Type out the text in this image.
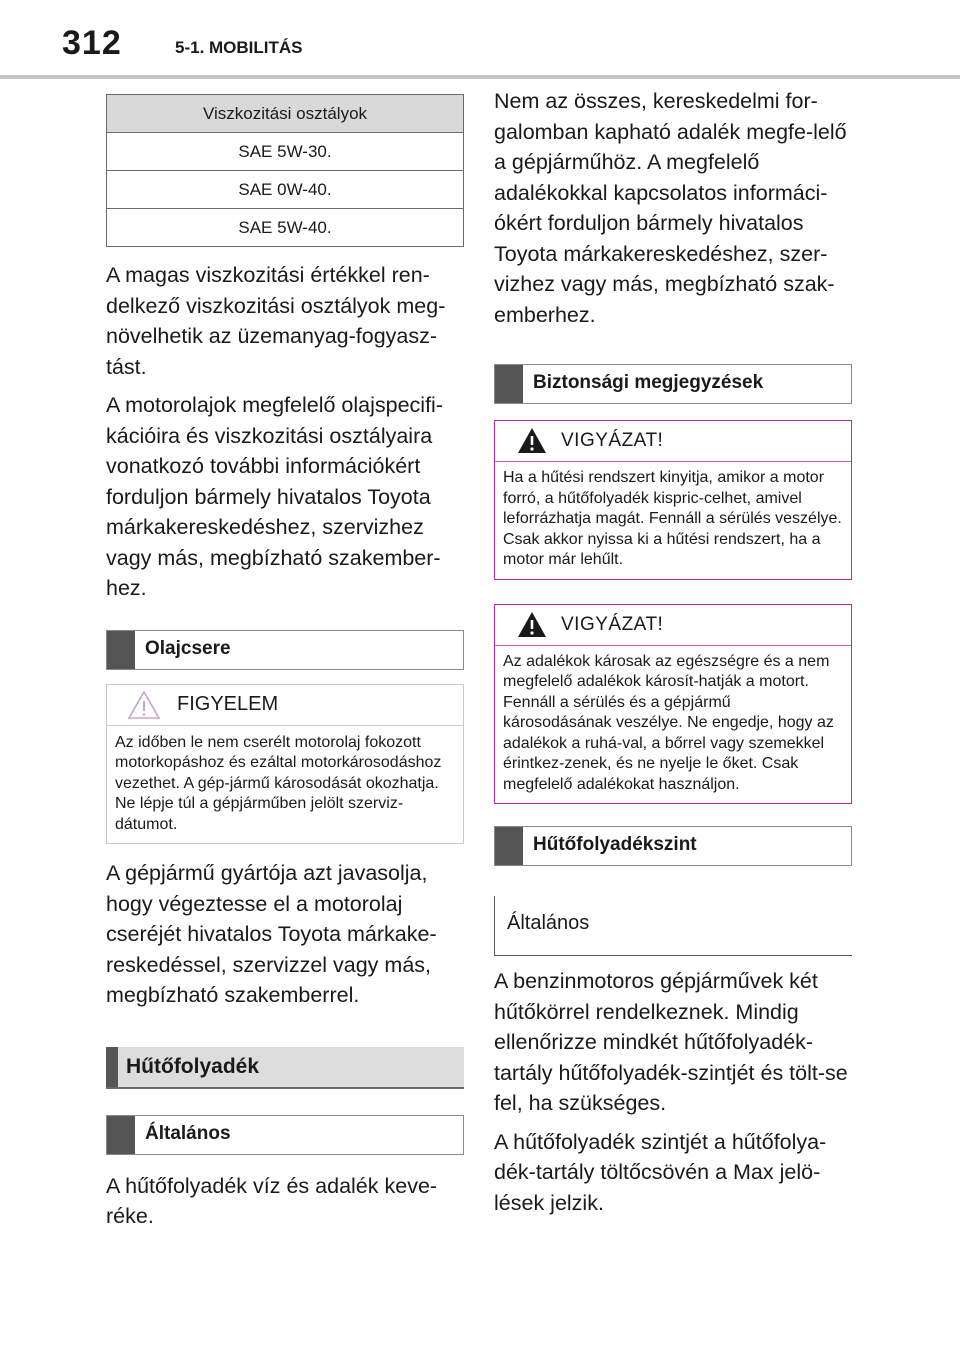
312	5-1. MOBILITÁS
Viszkozitási osztályok
SAE 5W-30.
SAE 0W-40.
SAE 5W-40.

A magas viszkozitási értékkel ren-delkező viszkozitási osztályok meg-növelhetik az üzemanyag-fogyasz-tást.

A motorolajok megfelelő olajspecifi-kációira és viszkozitási osztályaira vonatkozó további információkért forduljon bármely hivatalos Toyota márkakereskedéshez, szervizhez vagy más, megbízható szakember-hez.

Olajcsere
FIGYELEM
Az időben le nem cserélt motorolaj fokozott motorkopáshoz és ezáltal motorkárosodáshoz vezethet. A gép-jármű károsodását okozhatja. Ne lépje túl a gépjárműben jelölt szerviz-dátumot.

A gépjármű gyártója azt javasolja, hogy végeztesse el a motorolaj cseréjét hivatalos Toyota márkake-reskedéssel, szervizzel vagy más, megbízható szakemberrel.

Hűtőfolyadék
Általános

A hűtőfolyadék víz és adalék keve-réke.

Nem az összes, kereskedelmi for-galomban kapható adalék megfe-lelő a gépjárműhöz. A megfelelő adalékokkal kapcsolatos informáci-ókért forduljon bármely hivatalos Toyota márkakereskedéshez, szer-vizhez vagy más, megbízható szak-emberhez.

Biztonsági megjegyzések
VIGYÁZAT!
Ha a hűtési rendszert kinyitja, amikor a motor forró, a hűtőfolyadék kispric-celhet, amivel leforrázhatja magát. Fennáll a sérülés veszélye. Csak akkor nyissa ki a hűtési rendszert, ha a motor már lehűlt.
VIGYÁZAT!
Az adalékok károsak az egészségre és a nem megfelelő adalékok károsít-hatják a motort. Fennáll a sérülés és a gépjármű károsodásának veszélye. Ne engedje, hogy az adalékok a ruhá-val, a bőrrel vagy szemekkel érintkez-zenek, és ne nyelje le őket. Csak megfelelő adalékokat használjon.
Hűtőfolyadékszint
Általános

A benzinmotoros gépjárművek két hűtőkörrel rendelkeznek. Mindig ellenőrizze mindkét hűtőfolyadék-tartály hűtőfolyadék-szintjét és tölt-se fel, ha szükséges.

A hűtőfolyadék szintjét a hűtőfolya-dék-tartály töltőcsövén a Max jelö-lések jelzik.
